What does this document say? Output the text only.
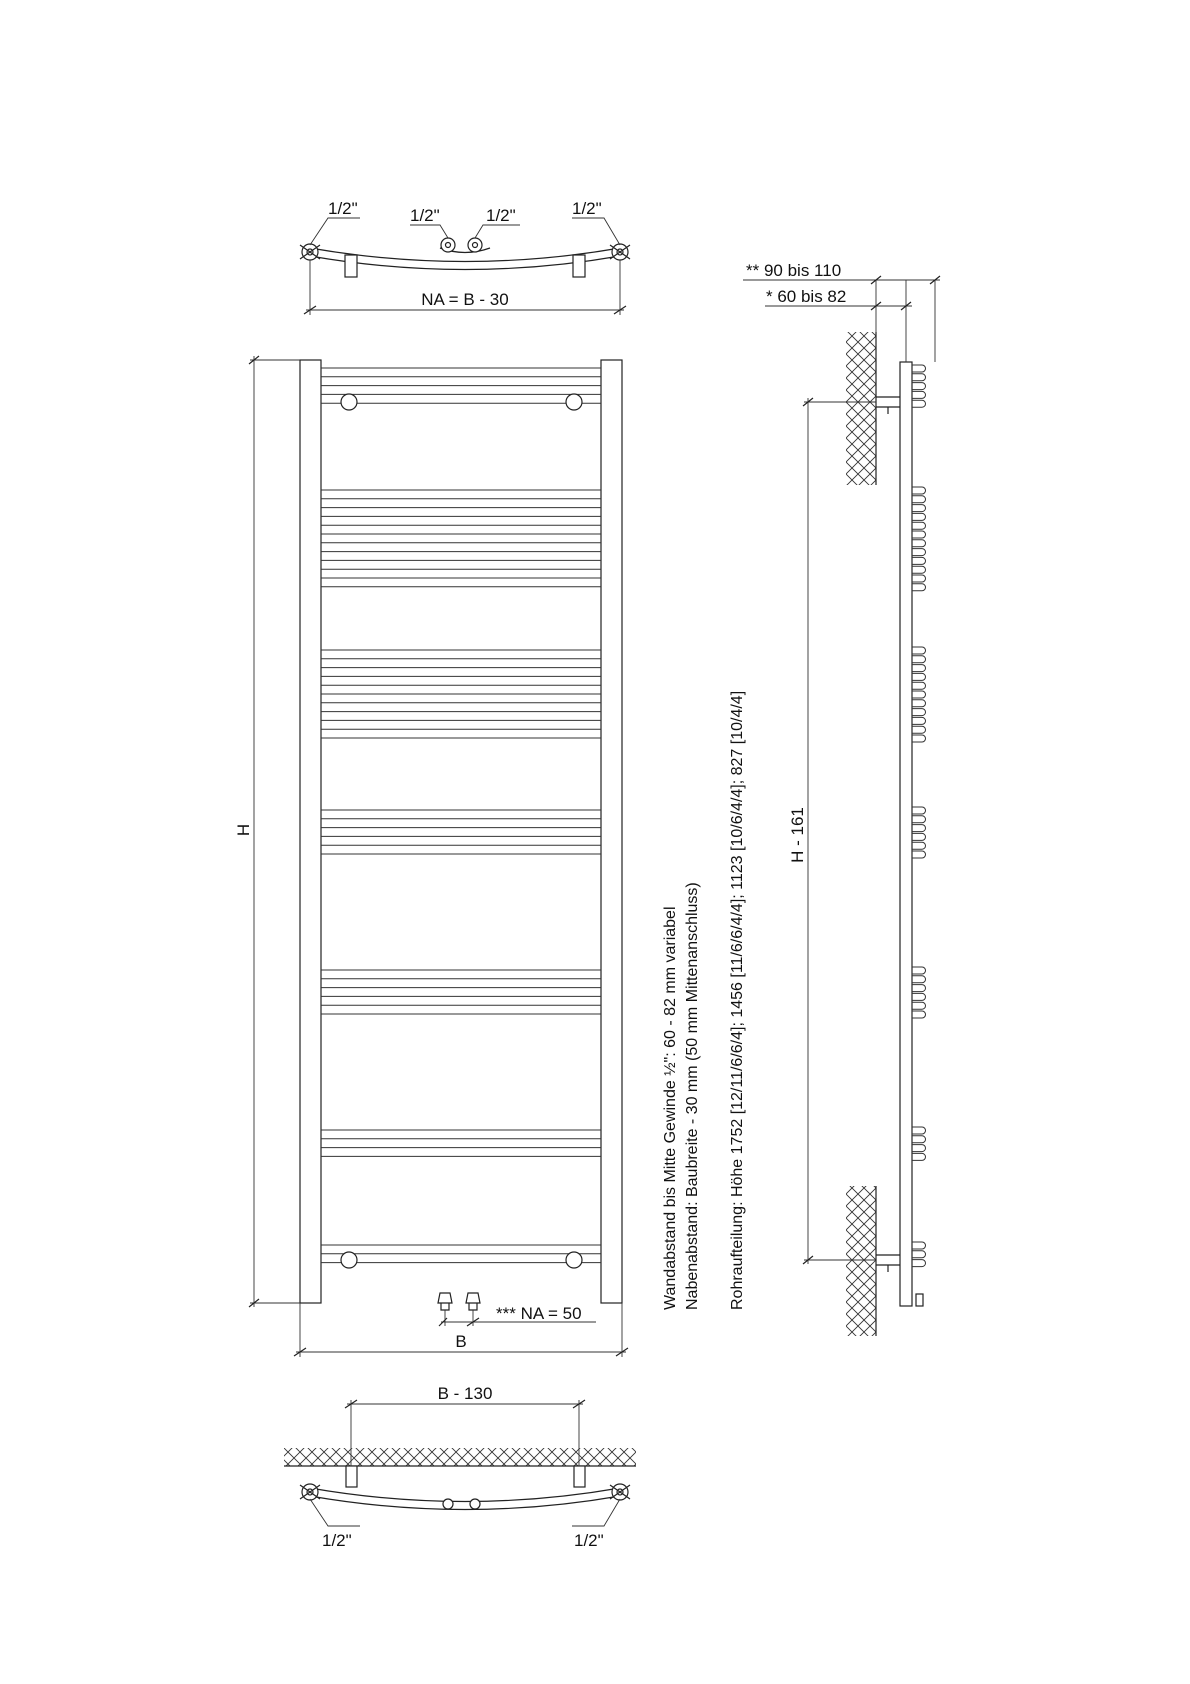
1/2"	1/2"	1/2"	1/2"
NA = B - 30
*** NA = 50
H
B
Wandabstand bis Mitte Gewinde ½": 60 - 82 mm variabel Nabenabstand: Baubreite - 30 mm (50 mm Mittenanschluss) Rohraufteilung: Höhe 1752 [12/11/6/6/4]; 1456 [11/6/6/4/4]; 1123 [10/6/4/4]; 827 [10/4/4]
** 90 bis 110
* 60 bis 82
H - 161
B - 130
1/2"	1/2"
